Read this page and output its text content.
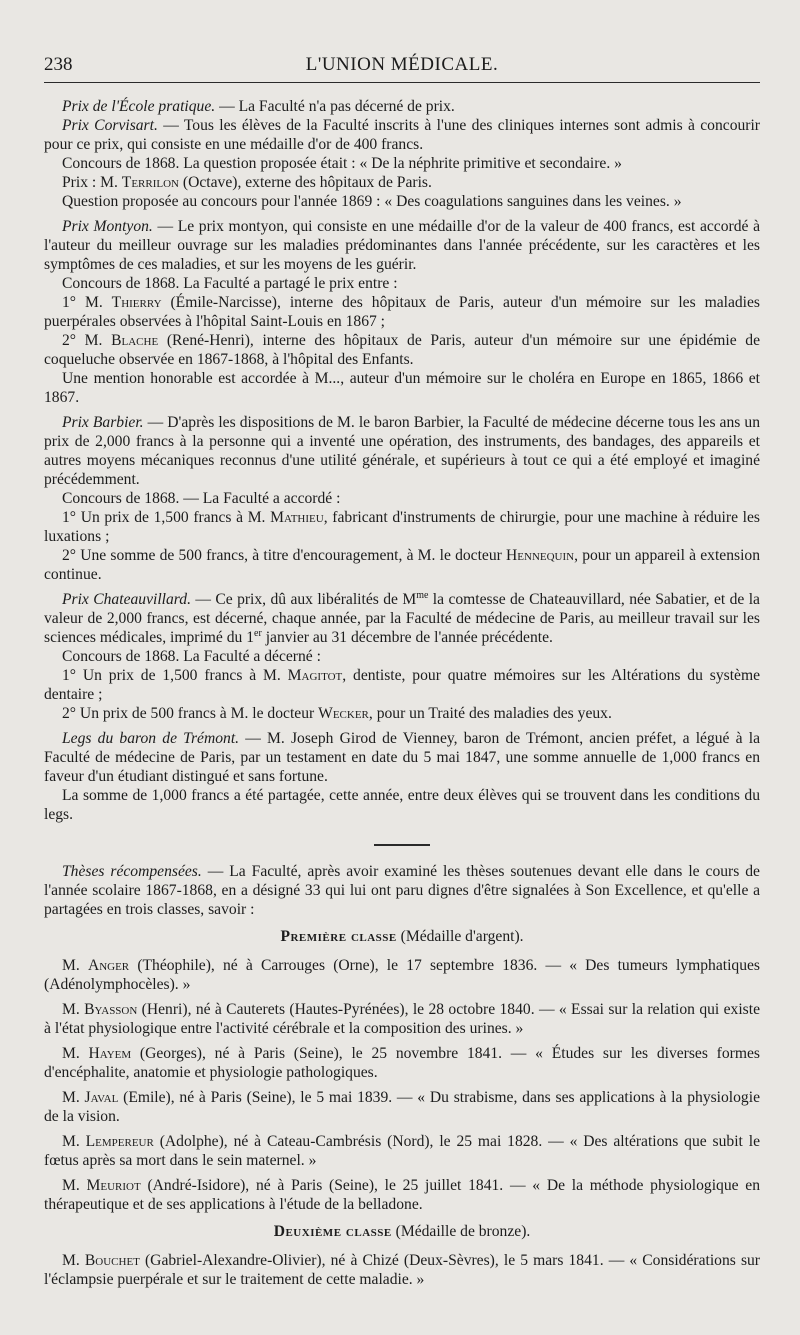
238	L'UNION MÉDICALE.

Prix de l'École pratique. — La Faculté n'a pas décerné de prix.

Prix Corvisart. — Tous les élèves de la Faculté inscrits à l'une des cliniques internes sont admis à concourir pour ce prix, qui consiste en une médaille d'or de 400 francs.

Concours de 1868. La question proposée était : « De la néphrite primitive et secondaire. »

Prix : M. Terrilon (Octave), externe des hôpitaux de Paris.

Question proposée au concours pour l'année 1869 : « Des coagulations sanguines dans les veines. »

Prix Montyon. — Le prix montyon, qui consiste en une médaille d'or de la valeur de 400 francs, est accordé à l'auteur du meilleur ouvrage sur les maladies prédominantes dans l'année précédente, sur les caractères et les symptômes de ces maladies, et sur les moyens de les guérir.

Concours de 1868. La Faculté a partagé le prix entre :

1° M. Thierry (Émile-Narcisse), interne des hôpitaux de Paris, auteur d'un mémoire sur les maladies puerpérales observées à l'hôpital Saint-Louis en 1867 ;

2° M. Blache (René-Henri), interne des hôpitaux de Paris, auteur d'un mémoire sur une épidémie de coqueluche observée en 1867-1868, à l'hôpital des Enfants.

Une mention honorable est accordée à M..., auteur d'un mémoire sur le choléra en Europe en 1865, 1866 et 1867.

Prix Barbier. — D'après les dispositions de M. le baron Barbier, la Faculté de médecine décerne tous les ans un prix de 2,000 francs à la personne qui a inventé une opération, des instruments, des bandages, des appareils et autres moyens mécaniques reconnus d'une utilité générale, et supérieurs à tout ce qui a été employé et imaginé précédemment.

Concours de 1868. — La Faculté a accordé :

1° Un prix de 1,500 francs à M. Mathieu, fabricant d'instruments de chirurgie, pour une machine à réduire les luxations ;

2° Une somme de 500 francs, à titre d'encouragement, à M. le docteur Hennequin, pour un appareil à extension continue.

Prix Chateauvillard. — Ce prix, dû aux libéralités de $M^{me}$ la comtesse de Chateauvillard, née Sabatier, et de la valeur de 2,000 francs, est décerné, chaque année, par la Faculté de médecine de Paris, au meilleur travail sur les sciences médicales, imprimé du 1er janvier au 31 décembre de l'année précédente.

Concours de 1868. La Faculté a décerné :

1° Un prix de 1,500 francs à M. Magitot, dentiste, pour quatre mémoires sur les Altérations du système dentaire ;

2° Un prix de 500 francs à M. le docteur Wecker, pour un Traité des maladies des yeux.

Legs du baron de Trémont. — M. Joseph Girod de Vienney, baron de Trémont, ancien préfet, a légué à la Faculté de médecine de Paris, par un testament en date du 5 mai 1847, une somme annuelle de 1,000 francs en faveur d'un étudiant distingué et sans fortune.

La somme de 1,000 francs a été partagée, cette année, entre deux élèves qui se trouvent dans les conditions du legs.

Thèses récompensées. — La Faculté, après avoir examiné les thèses soutenues devant elle dans le cours de l'année scolaire 1867-1868, en a désigné 33 qui lui ont paru dignes d'être signalées à Son Excellence, et qu'elle a partagées en trois classes, savoir :

Première classe (Médaille d'argent).

M. Anger (Théophile), né à Carrouges (Orne), le 17 septembre 1836. — « Des tumeurs lymphatiques (Adénolymphocèles). »

M. Byasson (Henri), né à Cauterets (Hautes-Pyrénées), le 28 octobre 1840. — « Essai sur la relation qui existe à l'état physiologique entre l'activité cérébrale et la composition des urines. »

M. Hayem (Georges), né à Paris (Seine), le 25 novembre 1841. — « Études sur les diverses formes d'encéphalite, anatomie et physiologie pathologiques.

M. Javal (Emile), né à Paris (Seine), le 5 mai 1839. — « Du strabisme, dans ses applications à la physiologie de la vision.

M. Lempereur (Adolphe), né à Cateau-Cambrésis (Nord), le 25 mai 1828. — « Des altérations que subit le fœtus après sa mort dans le sein maternel. »

M. Meuriot (André-Isidore), né à Paris (Seine), le 25 juillet 1841. — « De la méthode physiologique en thérapeutique et de ses applications à l'étude de la belladone.

Deuxième classe (Médaille de bronze).

M. Bouchet (Gabriel-Alexandre-Olivier), né à Chizé (Deux-Sèvres), le 5 mars 1841. — « Considérations sur l'éclampsie puerpérale et sur le traitement de cette maladie. »
